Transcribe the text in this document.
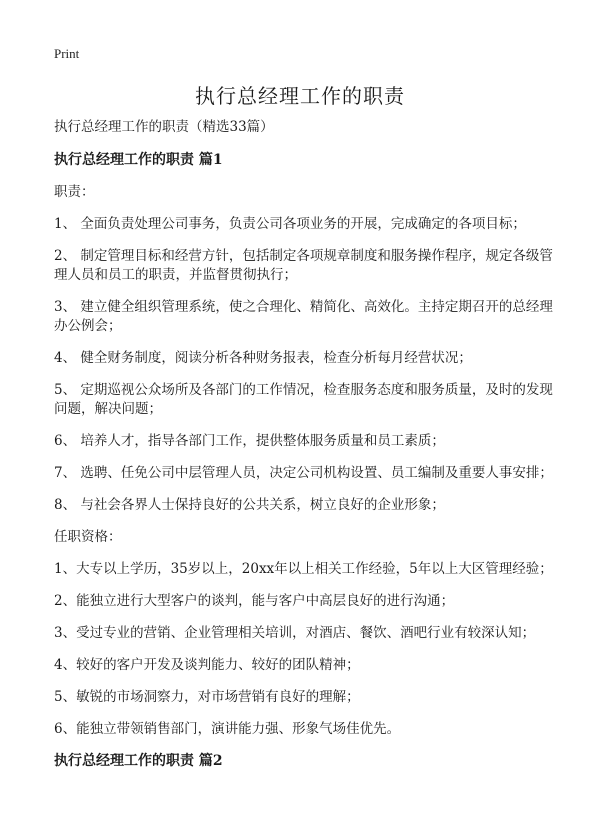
Print
执行总经理工作的职责

执行总经理工作的职责（精选33篇）

执行总经理工作的职责 篇1

职责：

1、 全面负责处理公司事务，负责公司各项业务的开展，完成确定的各项目标；

2、 制定管理目标和经营方针，包括制定各项规章制度和服务操作程序，规定各级管理人员和员工的职责，并监督贯彻执行；

3、 建立健全组织管理系统，使之合理化、精简化、高效化。主持定期召开的总经理办公例会；

4、 健全财务制度，阅读分析各种财务报表，检查分析每月经营状况；

5、 定期巡视公众场所及各部门的工作情况，检查服务态度和服务质量，及时的发现问题，解决问题；

6、 培养人才，指导各部门工作，提供整体服务质量和员工素质；

7、 选聘、任免公司中层管理人员，决定公司机构设置、员工编制及重要人事安排；

8、 与社会各界人士保持良好的公共关系，树立良好的企业形象；

任职资格：

1、大专以上学历，35岁以上，20xx年以上相关工作经验，5年以上大区管理经验；

2、能独立进行大型客户的谈判，能与客户中高层良好的进行沟通；

3、受过专业的营销、企业管理相关培训，对酒店、餐饮、酒吧行业有较深认知；

4、较好的客户开发及谈判能力、较好的团队精神；

5、敏锐的市场洞察力，对市场营销有良好的理解；

6、能独立带领销售部门，演讲能力强、形象气场佳优先。

执行总经理工作的职责 篇2
